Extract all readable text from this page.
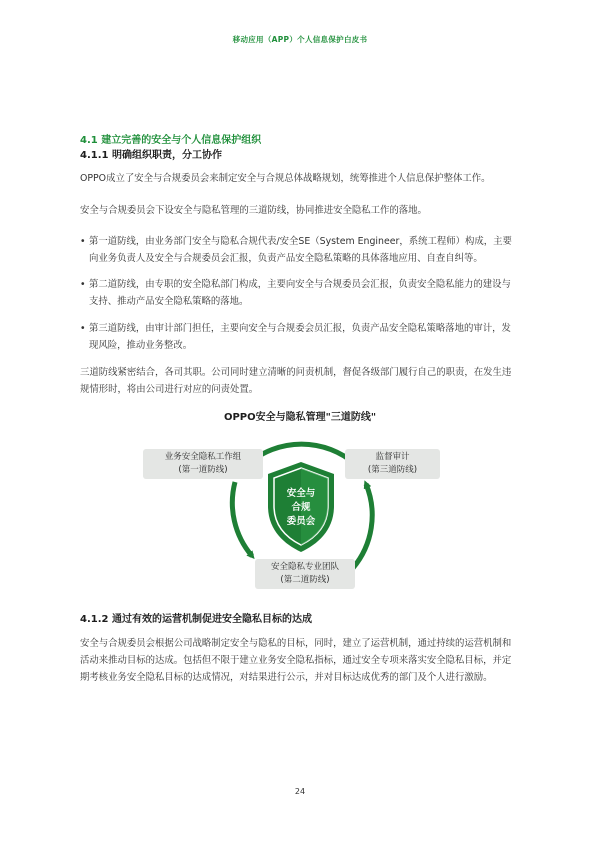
移动应用（APP）个人信息保护白皮书
4.1 建立完善的安全与个人信息保护组织
4.1.1 明确组织职责，分工协作
OPPO成立了安全与合规委员会来制定安全与合规总体战略规划，统筹推进个人信息保护整体工作。
安全与合规委员会下设安全与隐私管理的三道防线，协同推进安全隐私工作的落地。
• 第一道防线，由业务部门安全与隐私合规代表/安全SE（System Engineer，系统工程师）构成，主要向业务负责人及安全与合规委员会汇报，负责产品安全隐私策略的具体落地应用、自查自纠等。
• 第二道防线，由专职的安全隐私部门构成，主要向安全与合规委员会汇报，负责安全隐私能力的建设与支持、推动产品安全隐私策略的落地。
• 第三道防线，由审计部门担任，主要向安全与合规委会员汇报，负责产品安全隐私策略落地的审计，发现风险，推动业务整改。
三道防线紧密结合，各司其职。公司同时建立清晰的问责机制，督促各级部门履行自己的职责，在发生违规情形时，将由公司进行对应的问责处置。
OPPO安全与隐私管理"三道防线"
安全与
合规
委员会
业务安全隐私工作组
(第一道防线)
监督审计
(第三道防线)
安全隐私专业团队
(第二道防线)
4.1.2 通过有效的运营机制促进安全隐私目标的达成
安全与合规委员会根据公司战略制定安全与隐私的目标，同时，建立了运营机制，通过持续的运营机制和活动来推动目标的达成。包括但不限于建立业务安全隐私指标，通过安全专项来落实安全隐私目标，并定期考核业务安全隐私目标的达成情况，对结果进行公示，并对目标达成优秀的部门及个人进行激励。
24
